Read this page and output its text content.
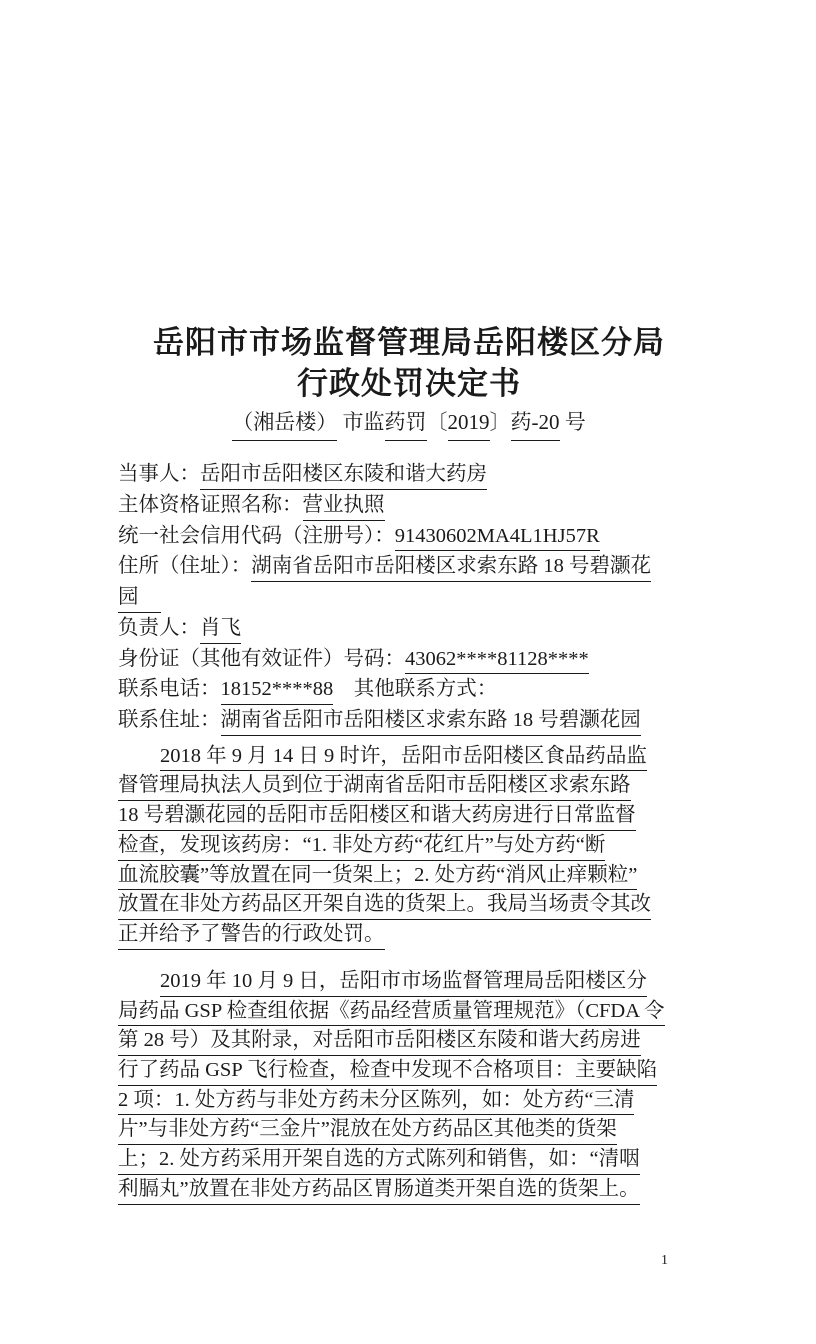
岳阳市市场监督管理局岳阳楼区分局
行政处罚决定书
（湘岳楼） 市监药罚〔2019〕药-20 号
当事人： 岳阳市岳阳楼区东陵和谐大药房
主体资格证照名称： 营业执照
统一社会信用代码（注册号）： 91430602MA4L1HJ57R
住所（住址）： 湖南省岳阳市岳阳楼区求索东路 18 号碧灏花
园
负责人： 肖飞
身份证（其他有效证件）号码： 43062****81128****
联系电话： 18152****88 　其他联系方式：
联系住址： 湖南省岳阳市岳阳楼区求索东路 18 号碧灏花园
2018 年 9 月 14 日 9 时许，岳阳市岳阳楼区食品药品监
督管理局执法人员到位于湖南省岳阳市岳阳楼区求索东路
18 号碧灏花园的岳阳市岳阳楼区和谐大药房进行日常监督
检查，发现该药房：“1. 非处方药“花红片”与处方药“断
血流胶囊”等放置在同一货架上；2. 处方药“消风止痒颗粒”
放置在非处方药品区开架自选的货架上。我局当场责令其改
正并给予了警告的行政处罚。
2019 年 10 月 9 日，岳阳市市场监督管理局岳阳楼区分
局药品 GSP 检查组依据《药品经营质量管理规范》（CFDA 令
第 28 号）及其附录，对岳阳市岳阳楼区东陵和谐大药房进
行了药品 GSP 飞行检查，检查中发现不合格项目：主要缺陷
2 项：1. 处方药与非处方药未分区陈列，如：处方药“三清
片”与非处方药“三金片”混放在处方药品区其他类的货架
上；2. 处方药采用开架自选的方式陈列和销售，如：“清咽
利膈丸”放置在非处方药品区胃肠道类开架自选的货架上。
1
